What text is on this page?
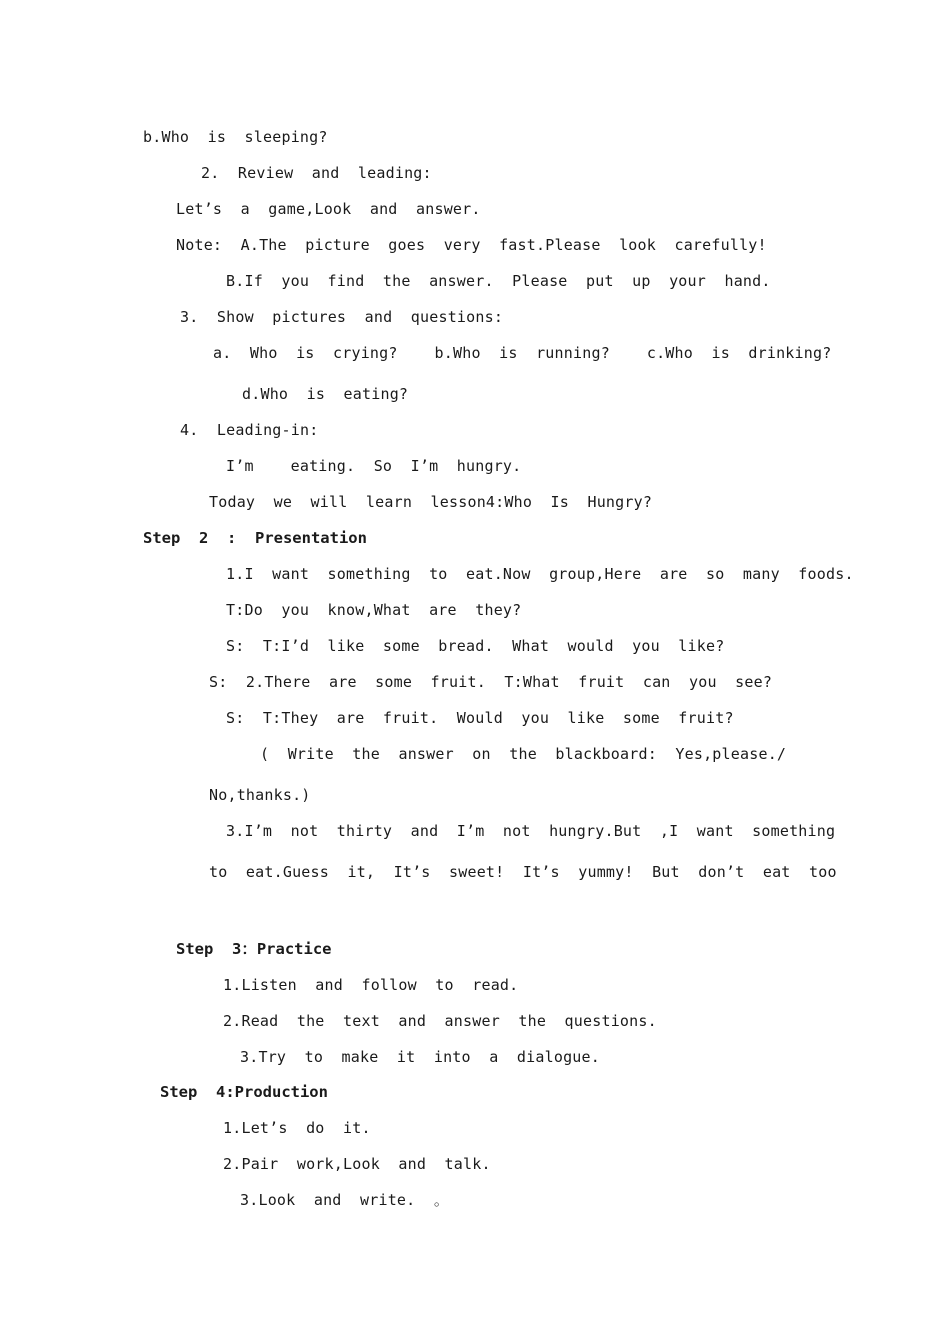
b.Who  is  sleeping?
2.  Review  and  leading:
Let’s  a  game,Look  and  answer.
Note:  A.The  picture  goes  very  fast.Please  look  carefully!
B.If  you  find  the  answer.  Please  put  up  your  hand.
3.  Show  pictures  and  questions:
a.  Who  is  crying?    b.Who  is  running?    c.Who  is  drinking?
d.Who  is  eating?
4.  Leading-in:
I’m    eating.  So  I’m  hungry.
Today  we  will  learn  lesson4:Who  Is  Hungry?
Step  2  :  Presentation
1.I  want  something  to  eat.Now  group,Here  are  so  many  foods.
T:Do  you  know,What  are  they?
S:  T:I’d  like  some  bread.  What  would  you  like?
S:  2.There  are  some  fruit.  T:What  fruit  can  you  see?
S:  T:They  are  fruit.  Would  you  like  some  fruit?
(  Write  the  answer  on  the  blackboard:  Yes,please./
No,thanks.)
3.I’m  not  thirty  and  I’m  not  hungry.But  ,I  want  something
to  eat.Guess  it,  It’s  sweet!  It’s  yummy!  But  don’t  eat  too
Step  3：Practice
1.Listen  and  follow  to  read.
2.Read  the  text  and  answer  the  questions.
3.Try  to  make  it  into  a  dialogue.
Step  4:Production
1.Let’s  do  it.
2.Pair  work,Look  and  talk.
3.Look  and  write.  。
